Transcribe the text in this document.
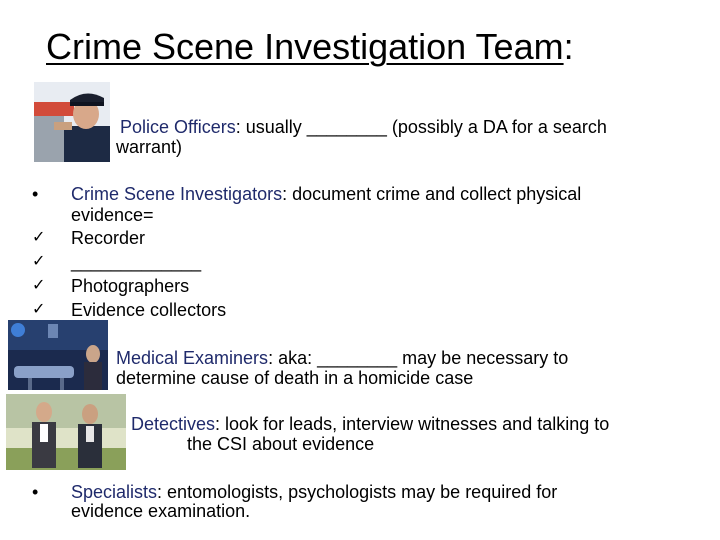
Crime Scene Investigation Team:
Police Officers: usually ________ (possibly a DA for a search
warrant)
• Crime Scene Investigators: document crime and collect physical
evidence=
✓ Recorder
✓ _____________
✓ Photographers
✓ Evidence collectors
Medical Examiners: aka: ________ may be necessary to
determine cause of death in a homicide case
Detectives: look for leads, interview witnesses and talking to
the CSI about evidence
• Specialists: entomologists, psychologists may be required for
evidence examination.
